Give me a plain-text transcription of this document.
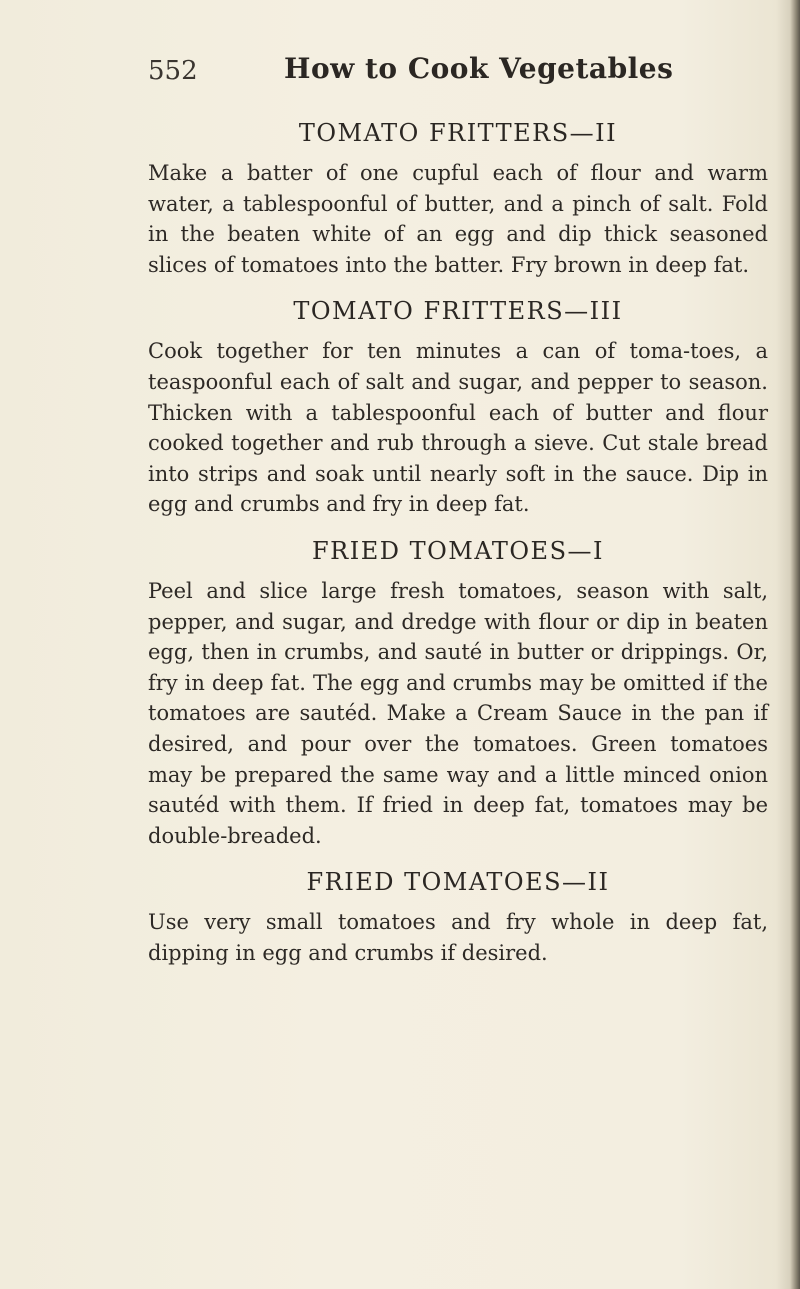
552	How to Cook Vegetables
TOMATO FRITTERS—II

Make a batter of one cupful each of flour and warm water, a tablespoonful of butter, and a pinch of salt. Fold in the beaten white of an egg and dip thick seasoned slices of tomatoes into the batter. Fry brown in deep fat.

TOMATO FRITTERS—III

Cook together for ten minutes a can of toma-toes, a teaspoonful each of salt and sugar, and pepper to season. Thicken with a tablespoonful each of butter and flour cooked together and rub through a sieve. Cut stale bread into strips and soak until nearly soft in the sauce. Dip in egg and crumbs and fry in deep fat.

FRIED TOMATOES—I

Peel and slice large fresh tomatoes, season with salt, pepper, and sugar, and dredge with flour or dip in beaten egg, then in crumbs, and sauté in butter or drippings. Or, fry in deep fat. The egg and crumbs may be omitted if the tomatoes are sautéd. Make a Cream Sauce in the pan if desired, and pour over the tomatoes. Green tomatoes may be prepared the same way and a little minced onion sautéd with them. If fried in deep fat, tomatoes may be double-breaded.

FRIED TOMATOES—II

Use very small tomatoes and fry whole in deep fat, dipping in egg and crumbs if desired.
